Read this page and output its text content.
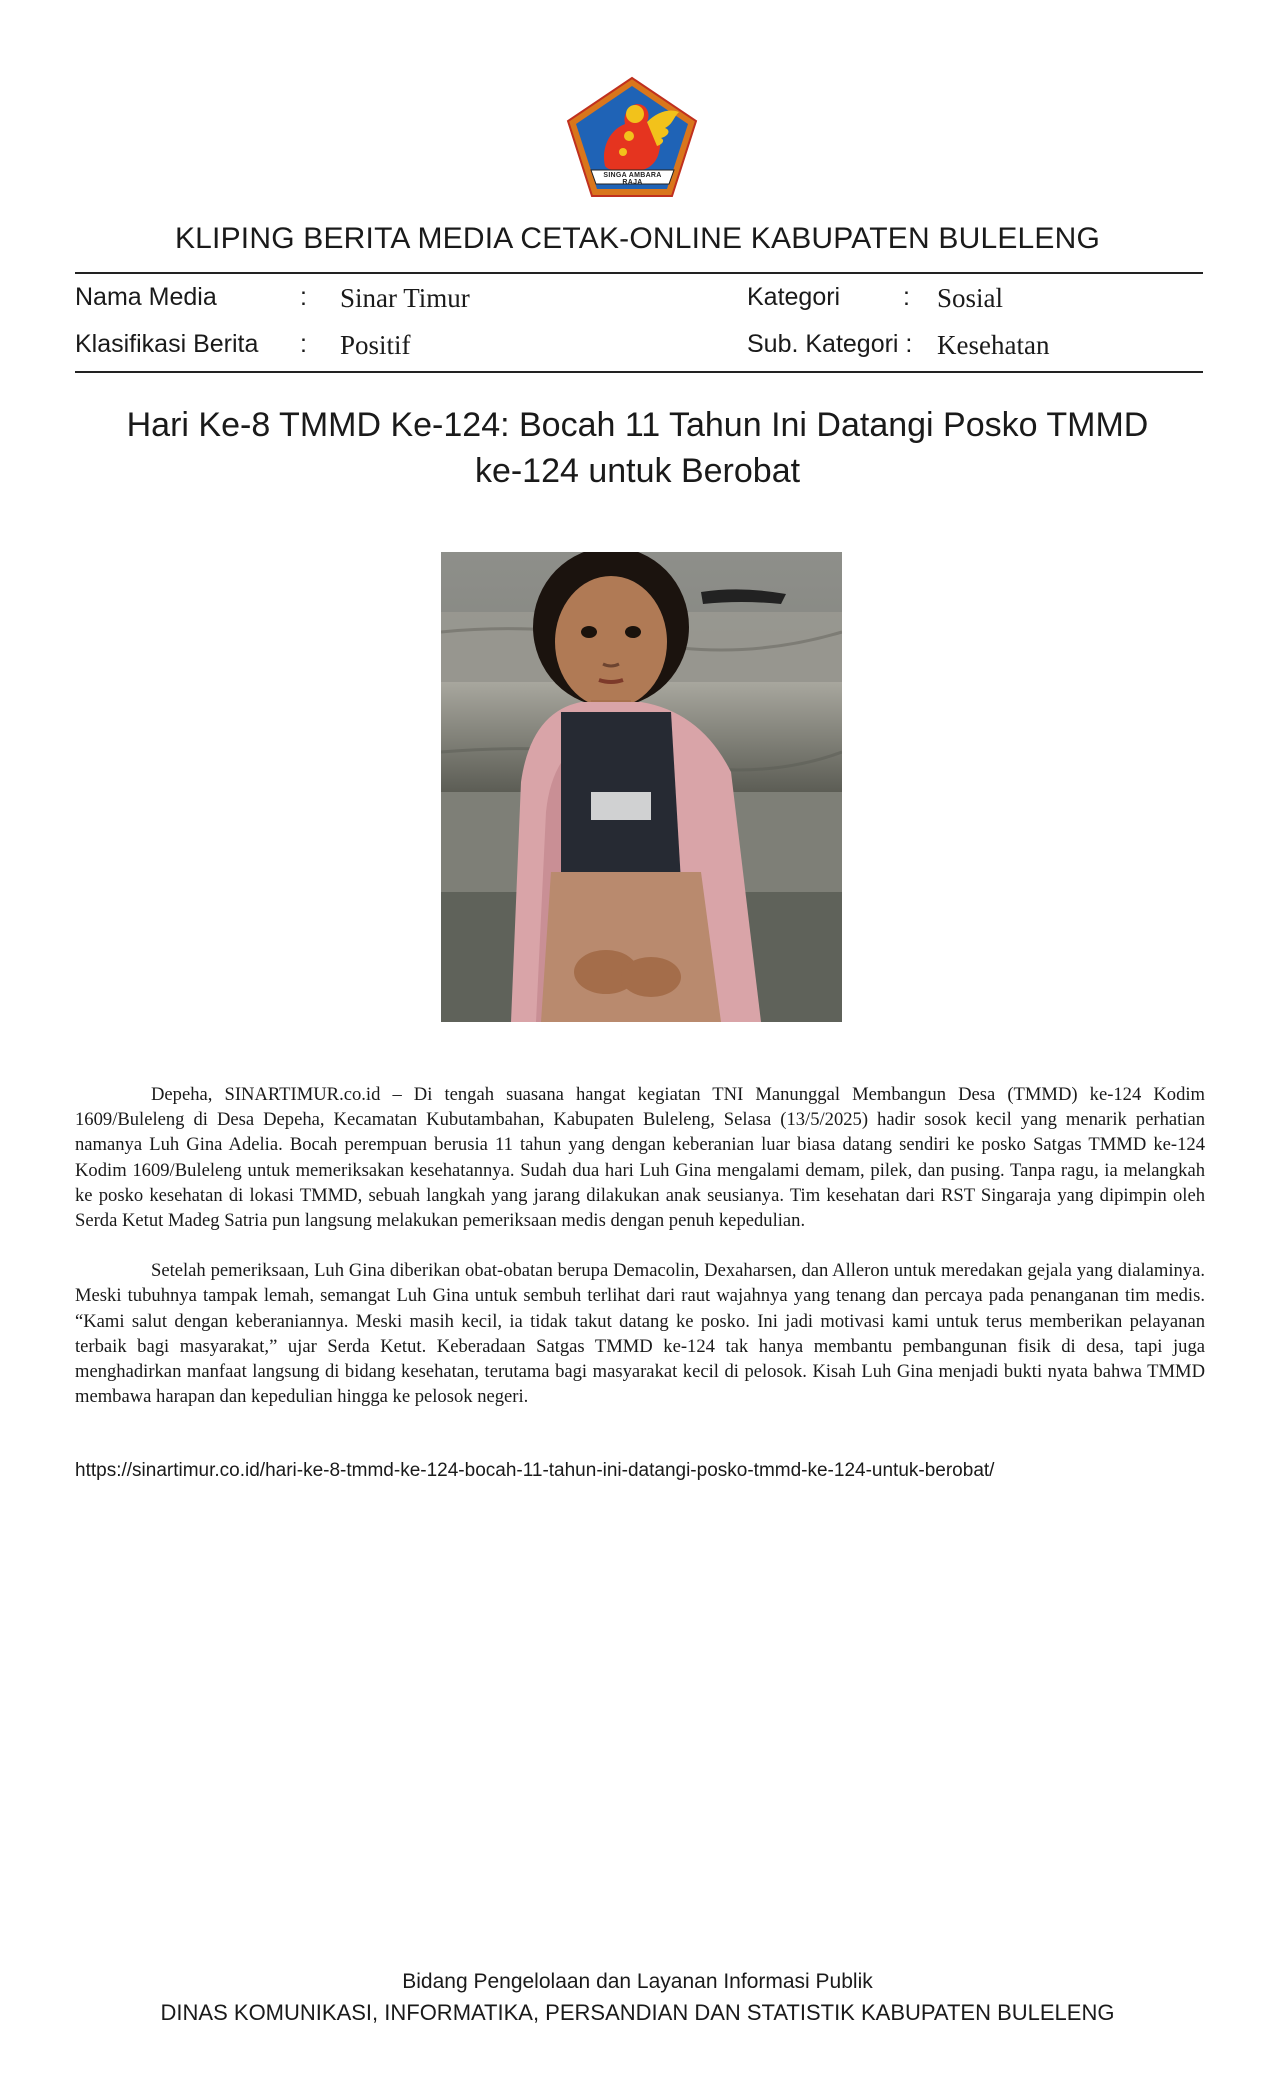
SINGA AMBARA RAJA
KLIPING BERITA MEDIA CETAK-ONLINE KABUPATEN BULELENG
Nama Media	: Sinar Timur	Kategori	: Sosial
Klasifikasi Berita : Positif	Sub. Kategori : Kesehatan
Hari Ke-8 TMMD Ke-124: Bocah 11 Tahun Ini Datangi Posko TMMD
ke-124 untuk Berobat

Depeha, SINARTIMUR.co.id – Di tengah suasana hangat kegiatan TNI Manunggal Membangun Desa (TMMD) ke-124 Kodim 1609/Buleleng di Desa Depeha, Kecamatan Kubutambahan, Kabupaten Buleleng, Selasa (13/5/2025) hadir sosok kecil yang menarik perhatian namanya Luh Gina Adelia. Bocah perempuan berusia 11 tahun yang dengan keberanian luar biasa datang sendiri ke posko Satgas TMMD ke-124 Kodim 1609/Buleleng untuk memeriksakan kesehatannya. Sudah dua hari Luh Gina mengalami demam, pilek, dan pusing. Tanpa ragu, ia melangkah ke posko kesehatan di lokasi TMMD, sebuah langkah yang jarang dilakukan anak seusianya. Tim kesehatan dari RST Singaraja yang dipimpin oleh Serda Ketut Madeg Satria pun langsung melakukan pemeriksaan medis dengan penuh kepedulian.

Setelah pemeriksaan, Luh Gina diberikan obat-obatan berupa Demacolin, Dexaharsen, dan Alleron untuk meredakan gejala yang dialaminya. Meski tubuhnya tampak lemah, semangat Luh Gina untuk sembuh terlihat dari raut wajahnya yang tenang dan percaya pada penanganan tim medis. “Kami salut dengan keberaniannya. Meski masih kecil, ia tidak takut datang ke posko. Ini jadi motivasi kami untuk terus memberikan pelayanan terbaik bagi masyarakat,” ujar Serda Ketut. Keberadaan Satgas TMMD ke-124 tak hanya membantu pembangunan fisik di desa, tapi juga menghadirkan manfaat langsung di bidang kesehatan, terutama bagi masyarakat kecil di pelosok. Kisah Luh Gina menjadi bukti nyata bahwa TMMD membawa harapan dan kepedulian hingga ke pelosok negeri.

https://sinartimur.co.id/hari-ke-8-tmmd-ke-124-bocah-11-tahun-ini-datangi-posko-tmmd-ke-124-untuk-berobat/
Bidang Pengelolaan dan Layanan Informasi Publik
DINAS KOMUNIKASI, INFORMATIKA, PERSANDIAN DAN STATISTIK KABUPATEN BULELENG
